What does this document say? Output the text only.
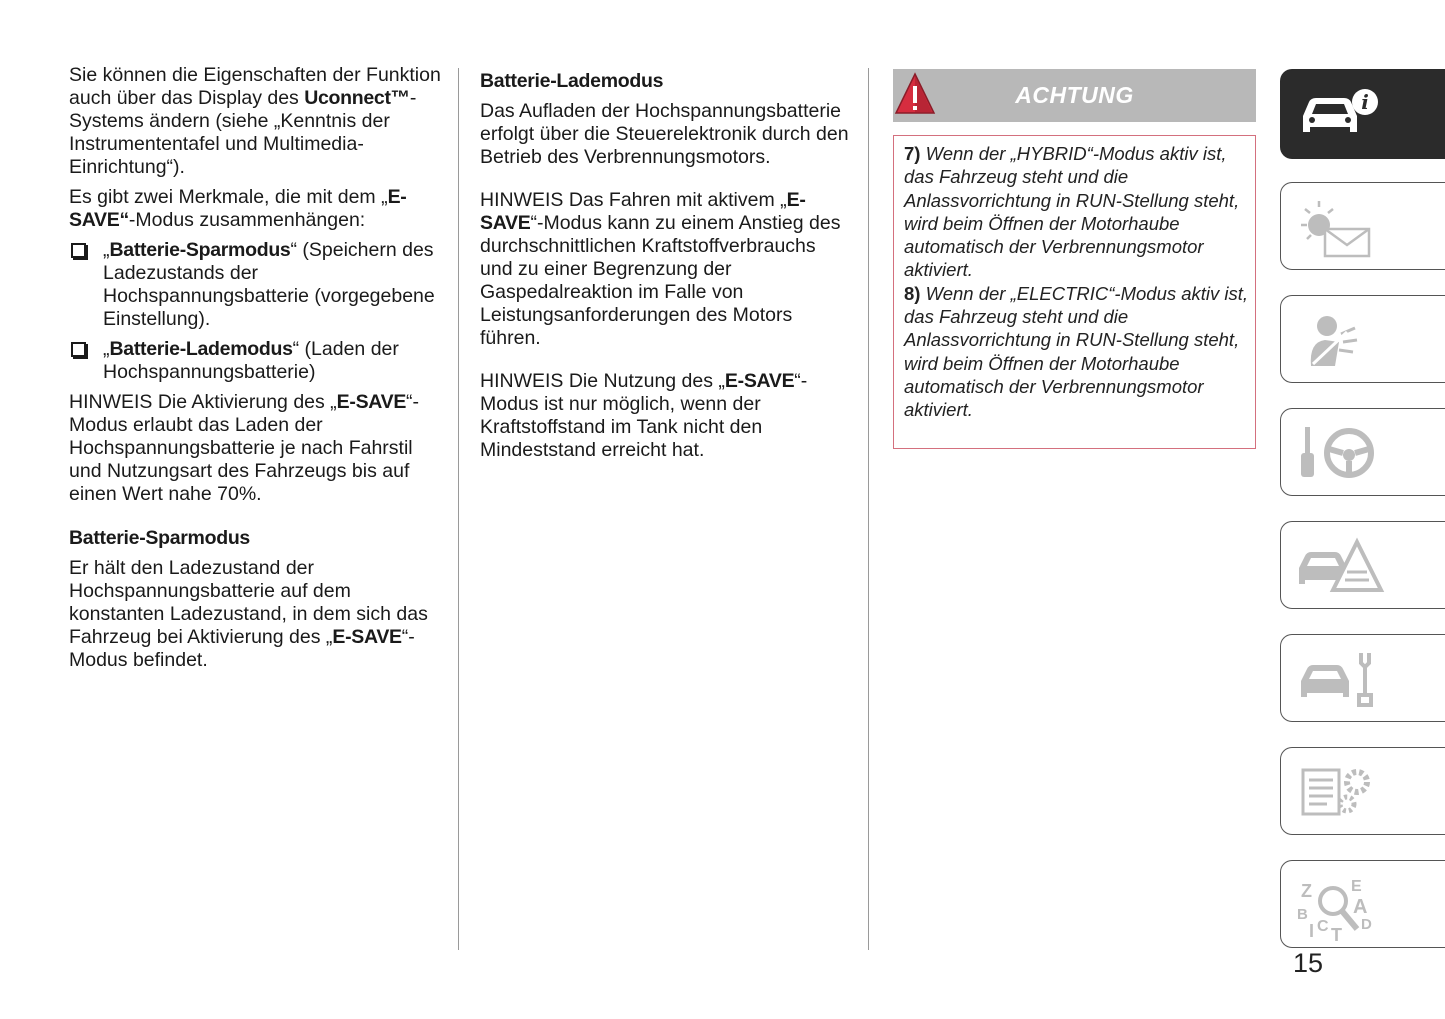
Sie können die Eigenschaften der Funktion auch über das Display des Uconnect™-Systems ändern (siehe „Kenntnis der Instrumententafel und Multimedia-Einrichtung“).

Es gibt zwei Merkmale, die mit dem „E-SAVE“-Modus zusammenhängen:

„Batterie-Sparmodus“ (Speichern des Ladezustands der Hochspannungsbatterie (vorgegebene Einstellung).
„Batterie-Lademodus“ (Laden der Hochspannungsbatterie)

HINWEIS Die Aktivierung des „E-SAVE“-Modus erlaubt das Laden der Hochspannungsbatterie je nach Fahrstil und Nutzungsart des Fahrzeugs bis auf einen Wert nahe 70%.

Batterie-Sparmodus

Er hält den Ladezustand der Hochspannungsbatterie auf dem konstanten Ladezustand, in dem sich das Fahrzeug bei Aktivierung des „E-SAVE“-Modus befindet.

Batterie-Lademodus

Das Aufladen der Hochspannungsbatterie erfolgt über die Steuerelektronik durch den Betrieb des Verbrennungsmotors.

HINWEIS Das Fahren mit aktivem „E-SAVE“-Modus kann zu einem Anstieg des durchschnittlichen Kraftstoffverbrauchs und zu einer Begrenzung der Gaspedalreaktion im Falle von Leistungsanforderungen des Motors führen.

HINWEIS Die Nutzung des „E-SAVE“-Modus ist nur möglich, wenn der Kraftstoffstand im Tank nicht den Mindeststand erreicht hat.

ACHTUNG
7) Wenn der „HYBRID“-Modus aktiv ist, das Fahrzeug steht und die Anlassvorrichtung in RUN-Stellung steht, wird beim Öffnen der Motorhaube automatisch der Verbrennungsmotor aktiviert.
8) Wenn der „ELECTRIC“-Modus aktiv ist, das Fahrzeug steht und die Anlassvorrichtung in RUN-Stellung steht, wird beim Öffnen der Motorhaube automatisch der Verbrennungsmotor aktiviert.
i
Z E
B A
D
I C T
15
